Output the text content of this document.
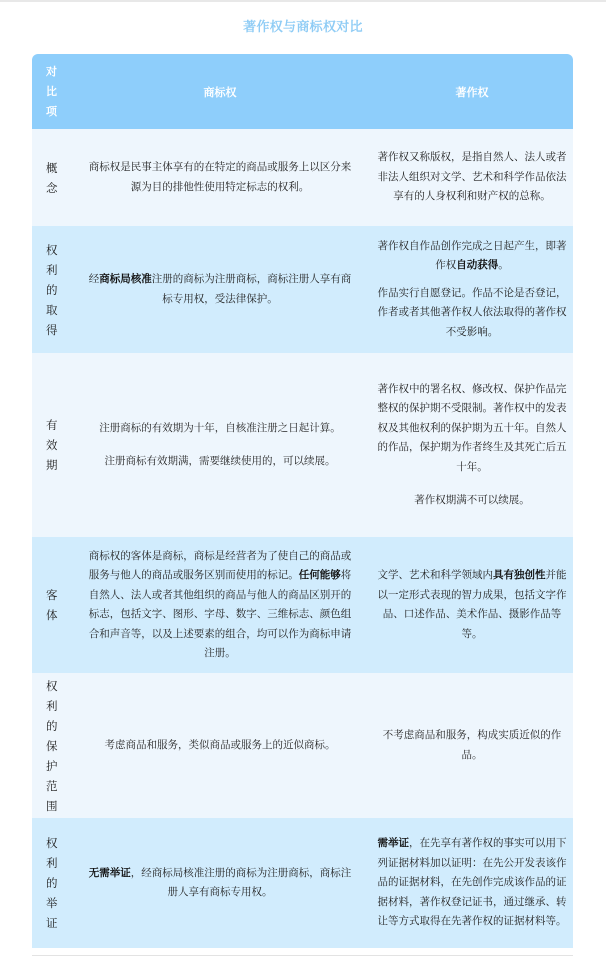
著作权与商标权对比
对
比
项
商标权	著作权
概
念

商标权是民事主体享有的在特定的商品或服务上以区分来源为目的排他性使用特定标志的权利。

著作权又称版权，是指自然人、法人或者非法人组织对文学、艺术和科学作品依法享有的人身权利和财产权的总称。

权
利
的
取
得

经商标局核准注册的商标为注册商标，商标注册人享有商标专用权，受法律保护。

著作权自作品创作完成之日起产生，即著作权自动获得。

作品实行自愿登记。作品不论是否登记，作者或者其他著作权人依法取得的著作权不受影响。

有
效
期

注册商标的有效期为十年，自核准注册之日起计算。

注册商标有效期满，需要继续使用的，可以续展。

著作权中的署名权、修改权、保护作品完整权的保护期不受限制。著作权中的发表权及其他权利的保护期为五十年。自然人的作品，保护期为作者终生及其死亡后五十年。

著作权期满不可以续展。

客
体

商标权的客体是商标，商标是经营者为了使自己的商品或服务与他人的商品或服务区别而使用的标记。任何能够将自然人、法人或者其他组织的商品与他人的商品区别开的标志，包括文字、图形、字母、数字、三维标志、颜色组合和声音等，以及上述要素的组合，均可以作为商标申请注册。

文学、艺术和科学领域内具有独创性并能以一定形式表现的智力成果，包括文字作品、口述作品、美术作品、摄影作品等等。

权
利
的
保
护
范
围

考虑商品和服务，类似商品或服务上的近似商标。

不考虑商品和服务，构成实质近似的作品。

权
利
的
举
证

无需举证，经商标局核准注册的商标为注册商标，商标注册人享有商标专用权。

需举证，在先享有著作权的事实可以用下列证据材料加以证明：在先公开发表该作品的证据材料，在先创作完成该作品的证据材料，著作权登记证书，通过继承、转让等方式取得在先著作权的证据材料等。
